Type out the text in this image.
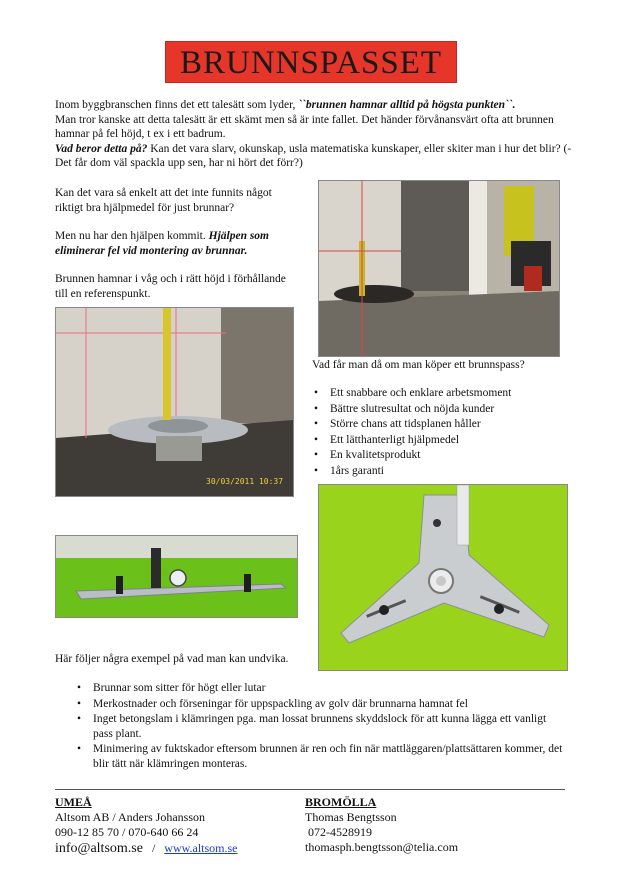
BRUNNSPASSET

Inom byggbranschen finns det ett talesätt som lyder, ``brunnen hamnar alltid på högsta punkten``.

Man tror kanske att detta talesätt är ett skämt men så är inte fallet. Det händer förvånansvärt ofta att brunnen hamnar på fel höjd, t ex i ett badrum.

Vad beror detta på? Kan det vara slarv, okunskap, usla matematiska kunskaper, eller skiter man i hur det blir? (-Det får dom väl spackla upp sen, har ni hört det förr?)

Kan det vara så enkelt att det inte funnits något riktigt bra hjälpmedel för just brunnar?
Men nu har den hjälpen kommit. Hjälpen som eliminerar fel vid montering av brunnar.
Brunnen hamnar i våg och i rätt höjd i förhållande till en referenspunkt.
30/03/2011 10:37
Vad får man då om man köper ett brunnspass?
• Ett snabbare och enklare arbetsmoment
• Bättre slutresultat och nöjda kunder
• Större chans att tidsplanen håller
• Ett lätthanterligt hjälpmedel
• En kvalitetsprodukt
• 1års garanti
Här följer några exempel på vad man kan undvika.
• Brunnar som sitter för högt eller lutar
• Merkostnader och förseningar för uppspackling av golv där brunnarna hamnat fel
• Inget betongslam i klämringen pga. man lossat brunnens skyddslock för att kunna lägga ett vanligt pass plant.
• Minimering av fuktskador eftersom brunnen är ren och fin när mattläggaren/plattsättaren kommer, det blir tätt när klämringen monteras.
UMEÅ
Altsom AB / Anders Johansson
090-12 85 70 / 070-640 66 24
info@altsom.se / www.altsom.se
BROMÖLLA
Thomas Bengtsson
072-4528919
thomasph.bengtsson@telia.com
